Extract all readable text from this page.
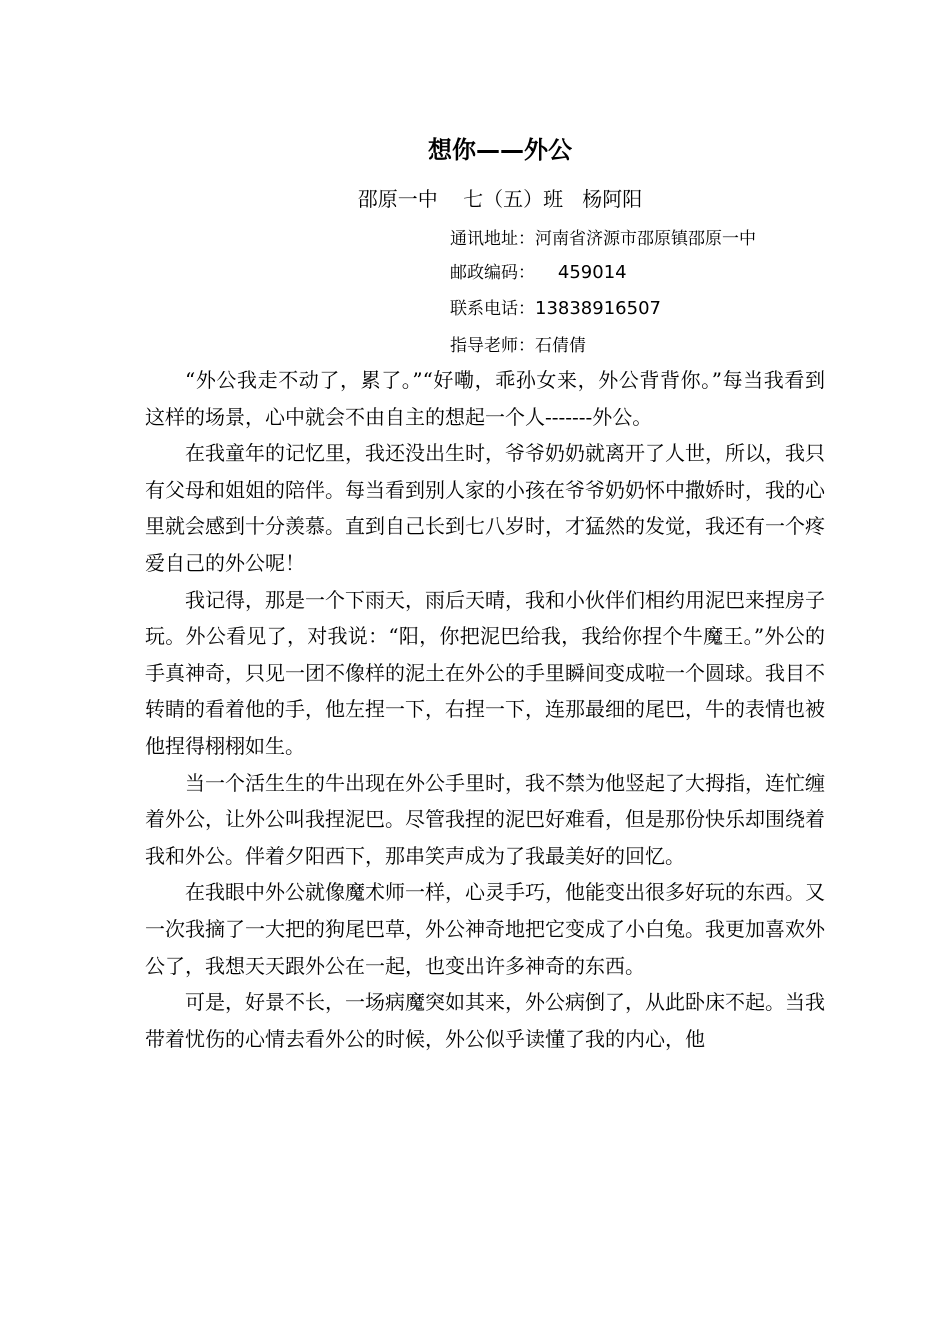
想你——外公
邵原一中    七（五）班   杨阿阳
通讯地址：河南省济源市邵原镇邵原一中
邮政编码：    459014
联系电话：13838916507
指导老师：石倩倩

“外公我走不动了，累了。”“好嘞，乖孙女来，外公背背你。”每当我看到这样的场景，心中就会不由自主的想起一个人-------外公。

在我童年的记忆里，我还没出生时，爷爷奶奶就离开了人世，所以，我只有父母和姐姐的陪伴。每当看到别人家的小孩在爷爷奶奶怀中撒娇时，我的心里就会感到十分羡慕。直到自己长到七八岁时，才猛然的发觉，我还有一个疼爱自己的外公呢！

我记得，那是一个下雨天，雨后天晴，我和小伙伴们相约用泥巴来捏房子玩。外公看见了，对我说：“阳，你把泥巴给我，我给你捏个牛魔王。”外公的手真神奇，只见一团不像样的泥土在外公的手里瞬间变成啦一个圆球。我目不转睛的看着他的手，他左捏一下，右捏一下，连那最细的尾巴，牛的表情也被他捏得栩栩如生。

当一个活生生的牛出现在外公手里时，我不禁为他竖起了大拇指，连忙缠着外公，让外公叫我捏泥巴。尽管我捏的泥巴好难看，但是那份快乐却围绕着我和外公。伴着夕阳西下，那串笑声成为了我最美好的回忆。

在我眼中外公就像魔术师一样，心灵手巧，他能变出很多好玩的东西。又一次我摘了一大把的狗尾巴草，外公神奇地把它变成了小白兔。我更加喜欢外公了，我想天天跟外公在一起，也变出许多神奇的东西。

可是，好景不长，一场病魔突如其来，外公病倒了，从此卧床不起。当我带着忧伤的心情去看外公的时候，外公似乎读懂了我的内心，他
